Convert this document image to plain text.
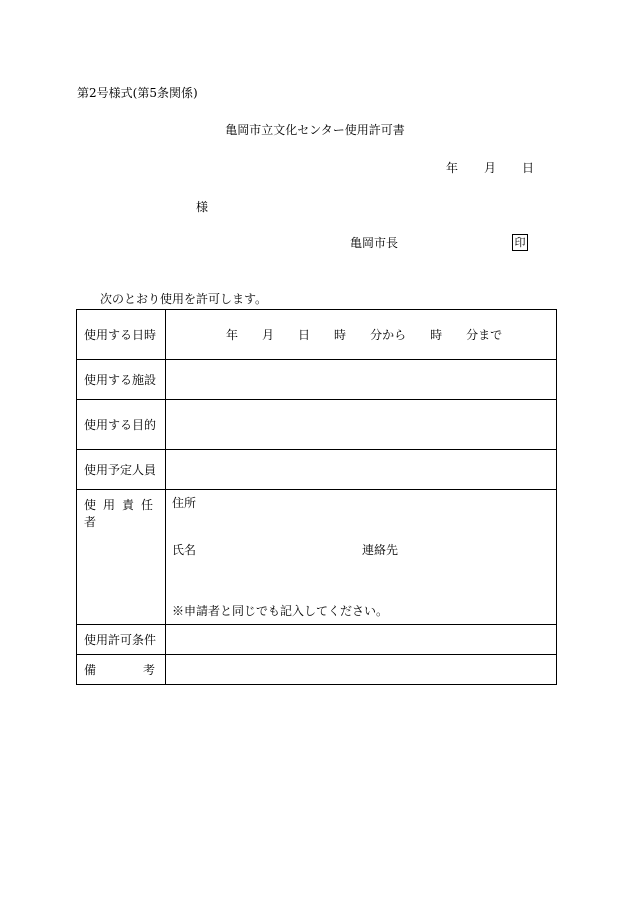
第2号様式(第5条関係)
亀岡市立文化センター使用許可書
年 月 日
様
亀岡市長	印
次のとおり使用を許可します。
使用する日時	年 月 日 時 分から 時 分まで

使用する施設	
使用する目的	
使用予定人員	

使用責任者	住所
氏名 連絡先
※申請者と同じでも記入してください。

使用許可条件	

備 考	
